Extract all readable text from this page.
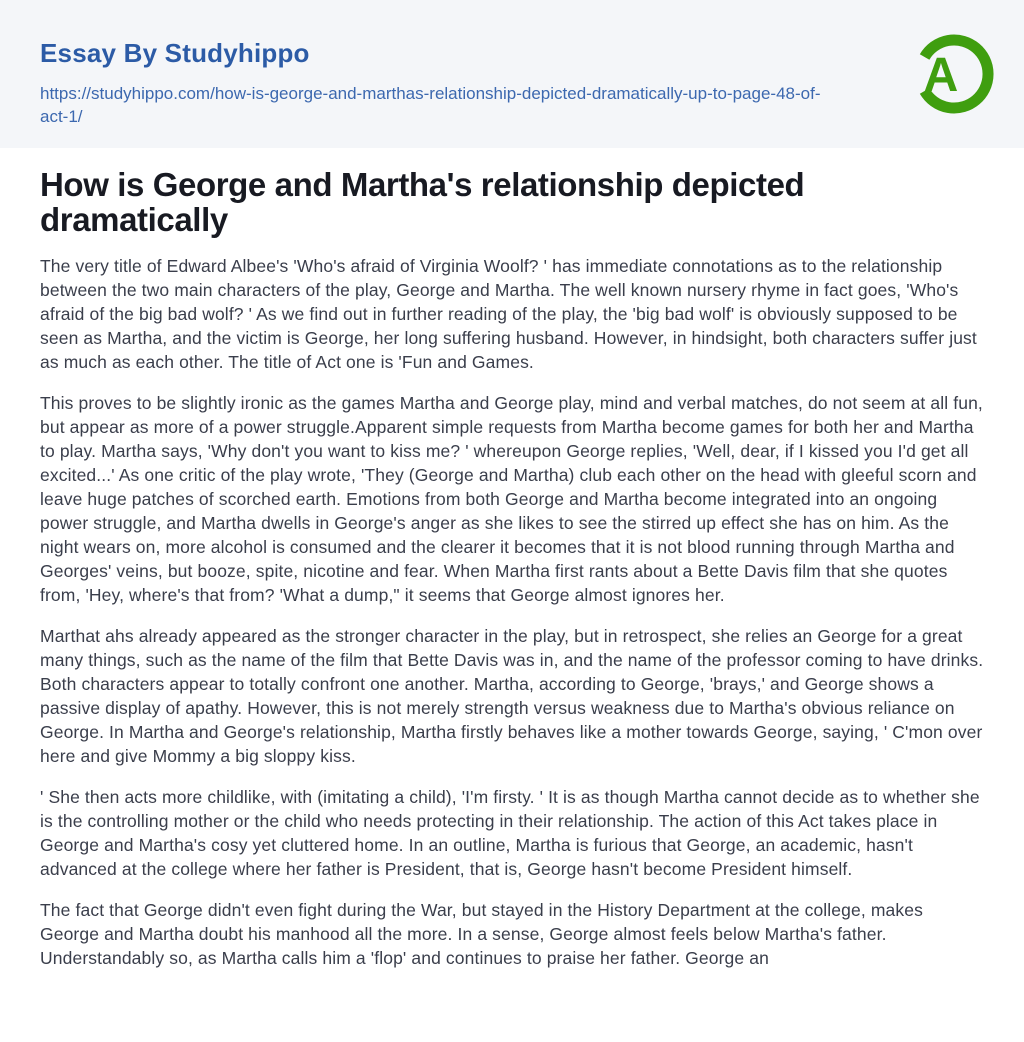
Essay By Studyhippo
https://studyhippo.com/how-is-george-and-marthas-relationship-depicted-dramatically-up-to-page-48-of-act-1/
A
How is George and Martha's relationship depicted dramatically

The very title of Edward Albee's 'Who's afraid of Virginia Woolf? ' has immediate connotations as to the relationship between the two main characters of the play, George and Martha. The well known nursery rhyme in fact goes, 'Who's afraid of the big bad wolf? ' As we find out in further reading of the play, the 'big bad wolf' is obviously supposed to be seen as Martha, and the victim is George, her long suffering husband. However, in hindsight, both characters suffer just as much as each other. The title of Act one is 'Fun and Games.

This proves to be slightly ironic as the games Martha and George play, mind and verbal matches, do not seem at all fun, but appear as more of a power struggle.Apparent simple requests from Martha become games for both her and Martha to play. Martha says, 'Why don't you want to kiss me? ' whereupon George replies, 'Well, dear, if I kissed you I'd get all excited...' As one critic of the play wrote, 'They (George and Martha) club each other on the head with gleeful scorn and leave huge patches of scorched earth. Emotions from both George and Martha become integrated into an ongoing power struggle, and Martha dwells in George's anger as she likes to see the stirred up effect she has on him. As the night wears on, more alcohol is consumed and the clearer it becomes that it is not blood running through Martha and Georges' veins, but booze, spite, nicotine and fear. When Martha first rants about a Bette Davis film that she quotes from, 'Hey, where's that from? 'What a dump," it seems that George almost ignores her.

Marthat ahs already appeared as the stronger character in the play, but in retrospect, she relies an George for a great many things, such as the name of the film that Bette Davis was in, and the name of the professor coming to have drinks. Both characters appear to totally confront one another. Martha, according to George, 'brays,' and George shows a passive display of apathy. However, this is not merely strength versus weakness due to Martha's obvious reliance on George. In Martha and George's relationship, Martha firstly behaves like a mother towards George, saying, ' C'mon over here and give Mommy a big sloppy kiss.

' She then acts more childlike, with (imitating a child), 'I'm firsty. ' It is as though Martha cannot decide as to whether she is the controlling mother or the child who needs protecting in their relationship. The action of this Act takes place in George and Martha's cosy yet cluttered home. In an outline, Martha is furious that George, an academic, hasn't advanced at the college where her father is President, that is, George hasn't become President himself.

The fact that George didn't even fight during the War, but stayed in the History Department at the college, makes George and Martha doubt his manhood all the more. In a sense, George almost feels below Martha's father. Understandably so, as Martha calls him a 'flop' and continues to praise her father. George an
